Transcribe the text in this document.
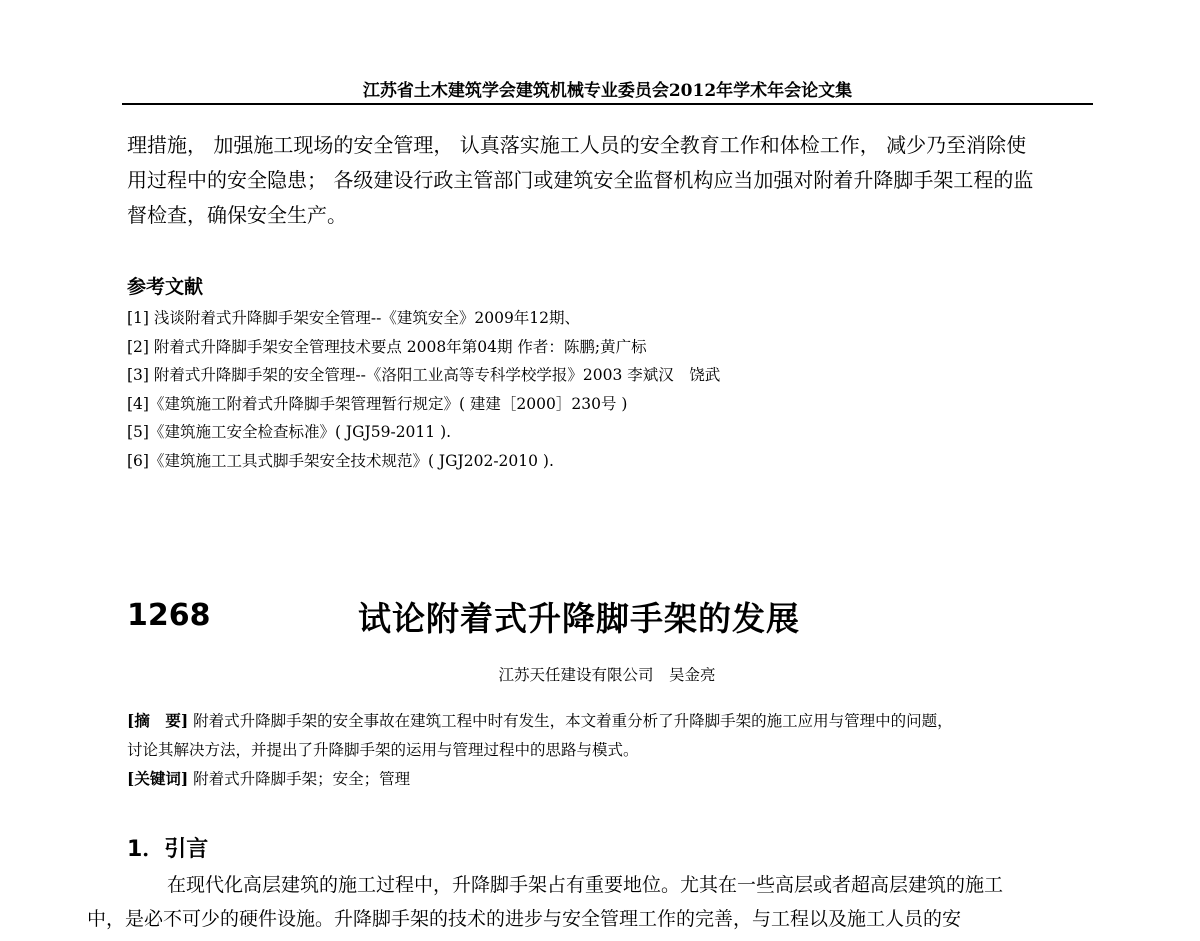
江苏省土木建筑学会建筑机械专业委员会2012年学术年会论文集
理措施， 加强施工现场的安全管理， 认真落实施工人员的安全教育工作和体检工作， 减少乃至消除使
用过程中的安全隐患； 各级建设行政主管部门或建筑安全监督机构应当加强对附着升降脚手架工程的监
督检查，确保安全生产。
参考文献
[1] 浅谈附着式升降脚手架安全管理--《建筑安全》2009年12期、
[2] 附着式升降脚手架安全管理技术要点 2008年第04期 作者：陈鹏;黄广标
[3] 附着式升降脚手架的安全管理--《洛阳工业高等专科学校学报》2003 李斌汉　饶武
[4]《建筑施工附着式升降脚手架管理暂行规定》( 建建［2000］230号 )
[5]《建筑施工安全检查标准》( JGJ59-2011 ).
[6]《建筑施工工具式脚手架安全技术规范》( JGJ202-2010 ).
1268	试论附着式升降脚手架的发展
江苏天任建设有限公司　吴金亮
[摘　要] 附着式升降脚手架的安全事故在建筑工程中时有发生，本文着重分析了升降脚手架的施工应用与管理中的问题，
讨论其解决方法，并提出了升降脚手架的运用与管理过程中的思路与模式。
[关键词] 附着式升降脚手架；安全；管理
1．引言
在现代化高层建筑的施工过程中，升降脚手架占有重要地位。尤其在一些高层或者超高层建筑的施工
中，是必不可少的硬件设施。升降脚手架的技术的进步与安全管理工作的完善，与工程以及施工人员的安
